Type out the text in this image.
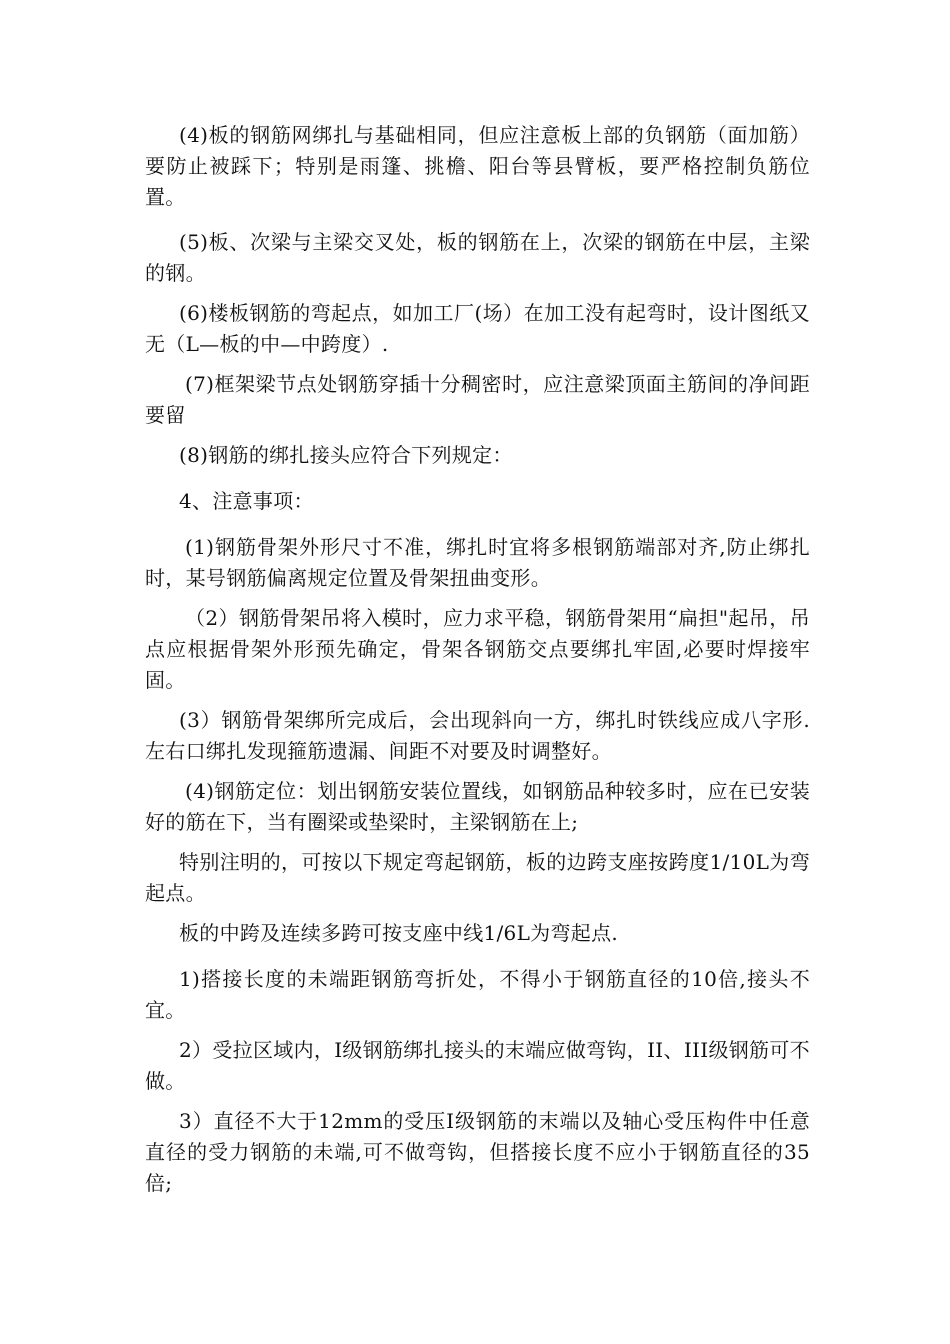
(4)板的钢筋网绑扎与基础相同，但应注意板上部的负钢筋（面加筋）要防止被踩下；特别是雨篷、挑檐、阳台等县臂板，要严格控制负筋位置。

(5)板、次梁与主梁交叉处，板的钢筋在上，次梁的钢筋在中层，主梁的钢。

(6)楼板钢筋的弯起点，如加工厂(场）在加工没有起弯时，设计图纸又无（L—板的中—中跨度）.

(7)框架梁节点处钢筋穿插十分稠密时，应注意梁顶面主筋间的净间距要留

(8)钢筋的绑扎接头应符合下列规定：

4、注意事项：

(1)钢筋骨架外形尺寸不准，绑扎时宜将多根钢筋端部对齐,防止绑扎时，某号钢筋偏离规定位置及骨架扭曲变形。

（2）钢筋骨架吊将入模时，应力求平稳，钢筋骨架用“扁担"起吊，吊点应根据骨架外形预先确定，骨架各钢筋交点要绑扎牢固,必要时焊接牢固。

(3）钢筋骨架绑所完成后，会出现斜向一方，绑扎时铁线应成八字形.左右口绑扎发现箍筋遗漏、间距不对要及时调整好。

(4)钢筋定位：划出钢筋安装位置线，如钢筋品种较多时，应在已安装好的筋在下，当有圈梁或垫梁时，主梁钢筋在上;

特别注明的，可按以下规定弯起钢筋，板的边跨支座按跨度1/10L为弯起点。

板的中跨及连续多跨可按支座中线1/6L为弯起点.

1)搭接长度的未端距钢筋弯折处，不得小于钢筋直径的10倍,接头不宜。

2）受拉区域内，I级钢筋绑扎接头的末端应做弯钩，II、III级钢筋可不做。

3）直径不大于12mm的受压I级钢筋的末端以及轴心受压构件中任意直径的受力钢筋的未端,可不做弯钩，但搭接长度不应小于钢筋直径的35倍;
